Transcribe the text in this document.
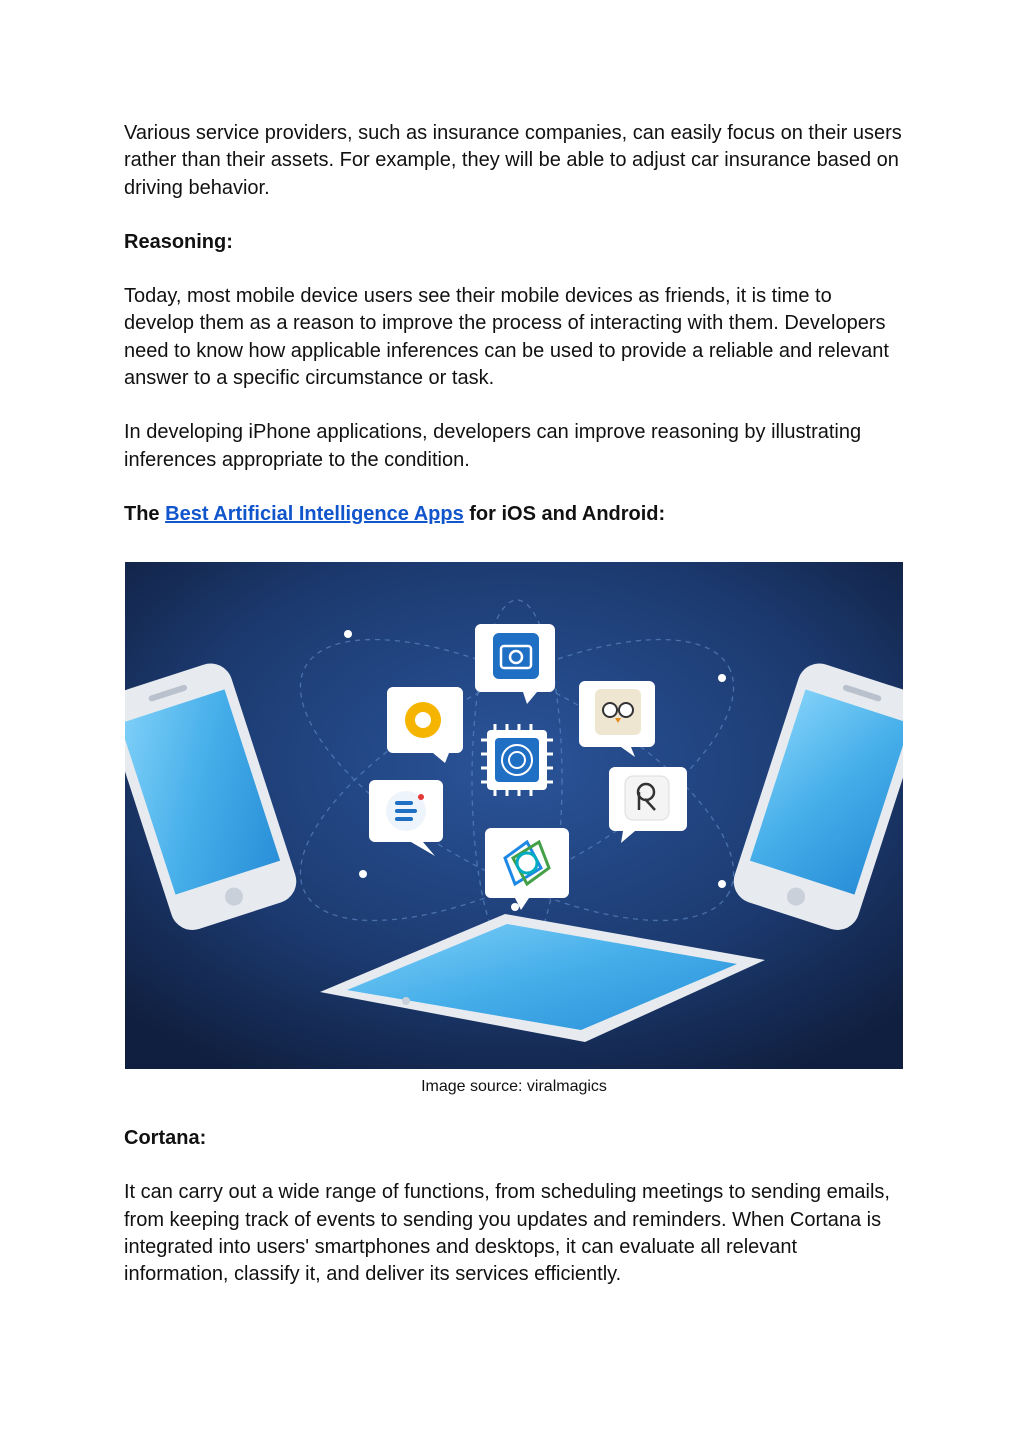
Various service providers, such as insurance companies, can easily focus on their users rather than their assets. For example, they will be able to adjust car insurance based on driving behavior.

Reasoning:

Today, most mobile device users see their mobile devices as friends, it is time to develop them as a reason to improve the process of interacting with them. Developers need to know how applicable inferences can be used to provide a reliable and relevant answer to a specific circumstance or task.

In developing iPhone applications, developers can improve reasoning by illustrating inferences appropriate to the condition.

The Best Artificial Intelligence Apps for iOS and Android:

Image source: viralmagics

Cortana:

It can carry out a wide range of functions, from scheduling meetings to sending emails, from keeping track of events to sending you updates and reminders. When Cortana is integrated into users' smartphones and desktops, it can evaluate all relevant information, classify it, and deliver its services efficiently.
